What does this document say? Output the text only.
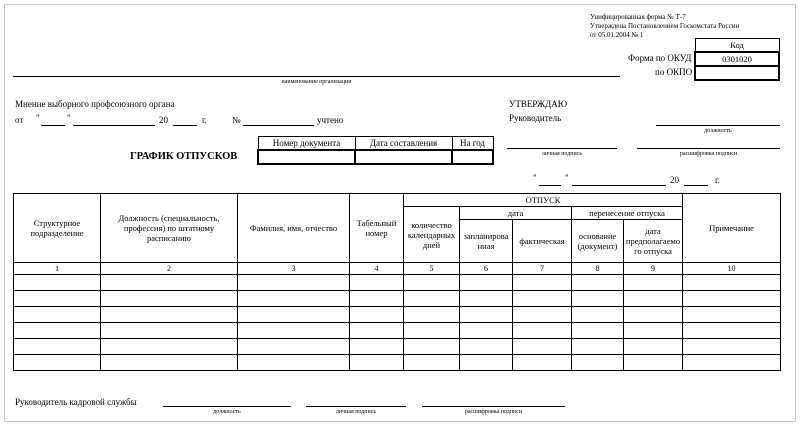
Унифицированная форма № Т-7
Утверждена Постановлением Госкомстата России
от 05.01.2004 № 1
Форма по ОКУД
по ОКПО
Код
0301020

наименование организации
Мнение выборного профсоюзного органа
от "	"	20	г.	№	учтено
УТВЕРЖДАЮ
Руководитель
должность
личная подпись	расшифровка подписи
"	"	20	г.
Номер документа	Дата составления	На год

ГРАФИК ОТПУСКОВ
Структурное подразделение	Должность (специальность, профессия) по штатному расписанию	Фамилия, имя, отчество	Табельный номер	ОТПУСК					Примечание
				количество календарных дней	дата		перенесение отпуска		
					запланирова нная	фактическая	основание (документ)	дата предполагаемо го отпуска	
1	2	3	4	5	6	7	8	9	10

Руководитель кадровой службы
должность	личная подпись	расшифровка подписи
